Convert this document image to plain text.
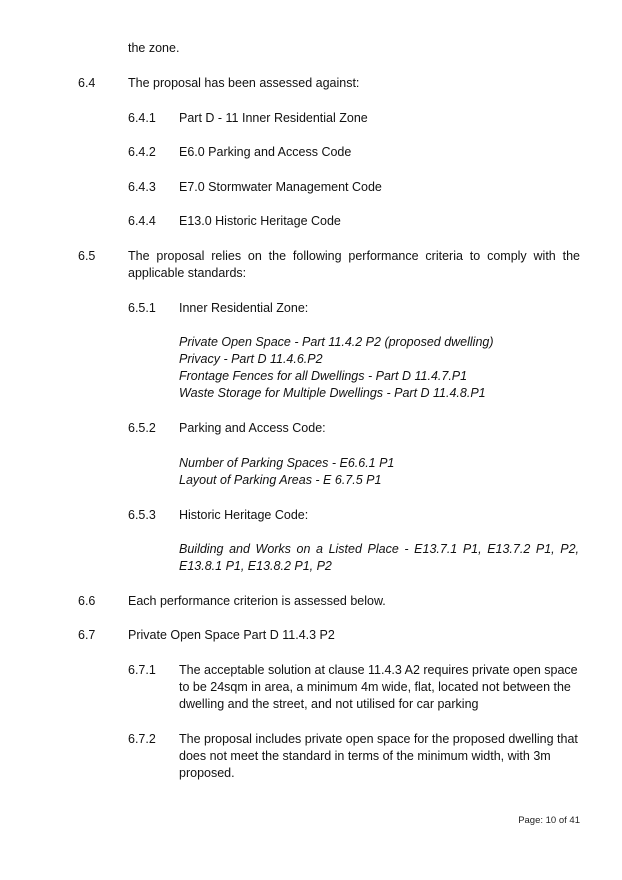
the zone.
6.4	The proposal has been assessed against:
6.4.1 Part D - 11 Inner Residential Zone
6.4.2 E6.0 Parking and Access Code
6.4.3 E7.0 Stormwater Management Code
6.4.4 E13.0 Historic Heritage Code
6.5	The proposal relies on the following performance criteria to comply with the applicable standards:
6.5.1 Inner Residential Zone:
Private Open Space - Part 11.4.2 P2 (proposed dwelling)
Privacy - Part D 11.4.6.P2
Frontage Fences for all Dwellings - Part D 11.4.7.P1
Waste Storage for Multiple Dwellings - Part D 11.4.8.P1
6.5.2 Parking and Access Code:
Number of Parking Spaces - E6.6.1 P1
Layout of Parking Areas - E 6.7.5 P1
6.5.3 Historic Heritage Code:
Building and Works on a Listed Place - E13.7.1 P1, E13.7.2 P1, P2, E13.8.1 P1, E13.8.2 P1, P2
6.6	Each performance criterion is assessed below.
6.7	Private Open Space Part D 11.4.3 P2
6.7.1 The acceptable solution at clause 11.4.3 A2 requires private open space to be 24sqm in area, a minimum 4m wide, flat, located not between the dwelling and the street, and not utilised for car parking
6.7.2 The proposal includes private open space for the proposed dwelling that does not meet the standard in terms of the minimum width, with 3m proposed.
Page: 10 of 41
